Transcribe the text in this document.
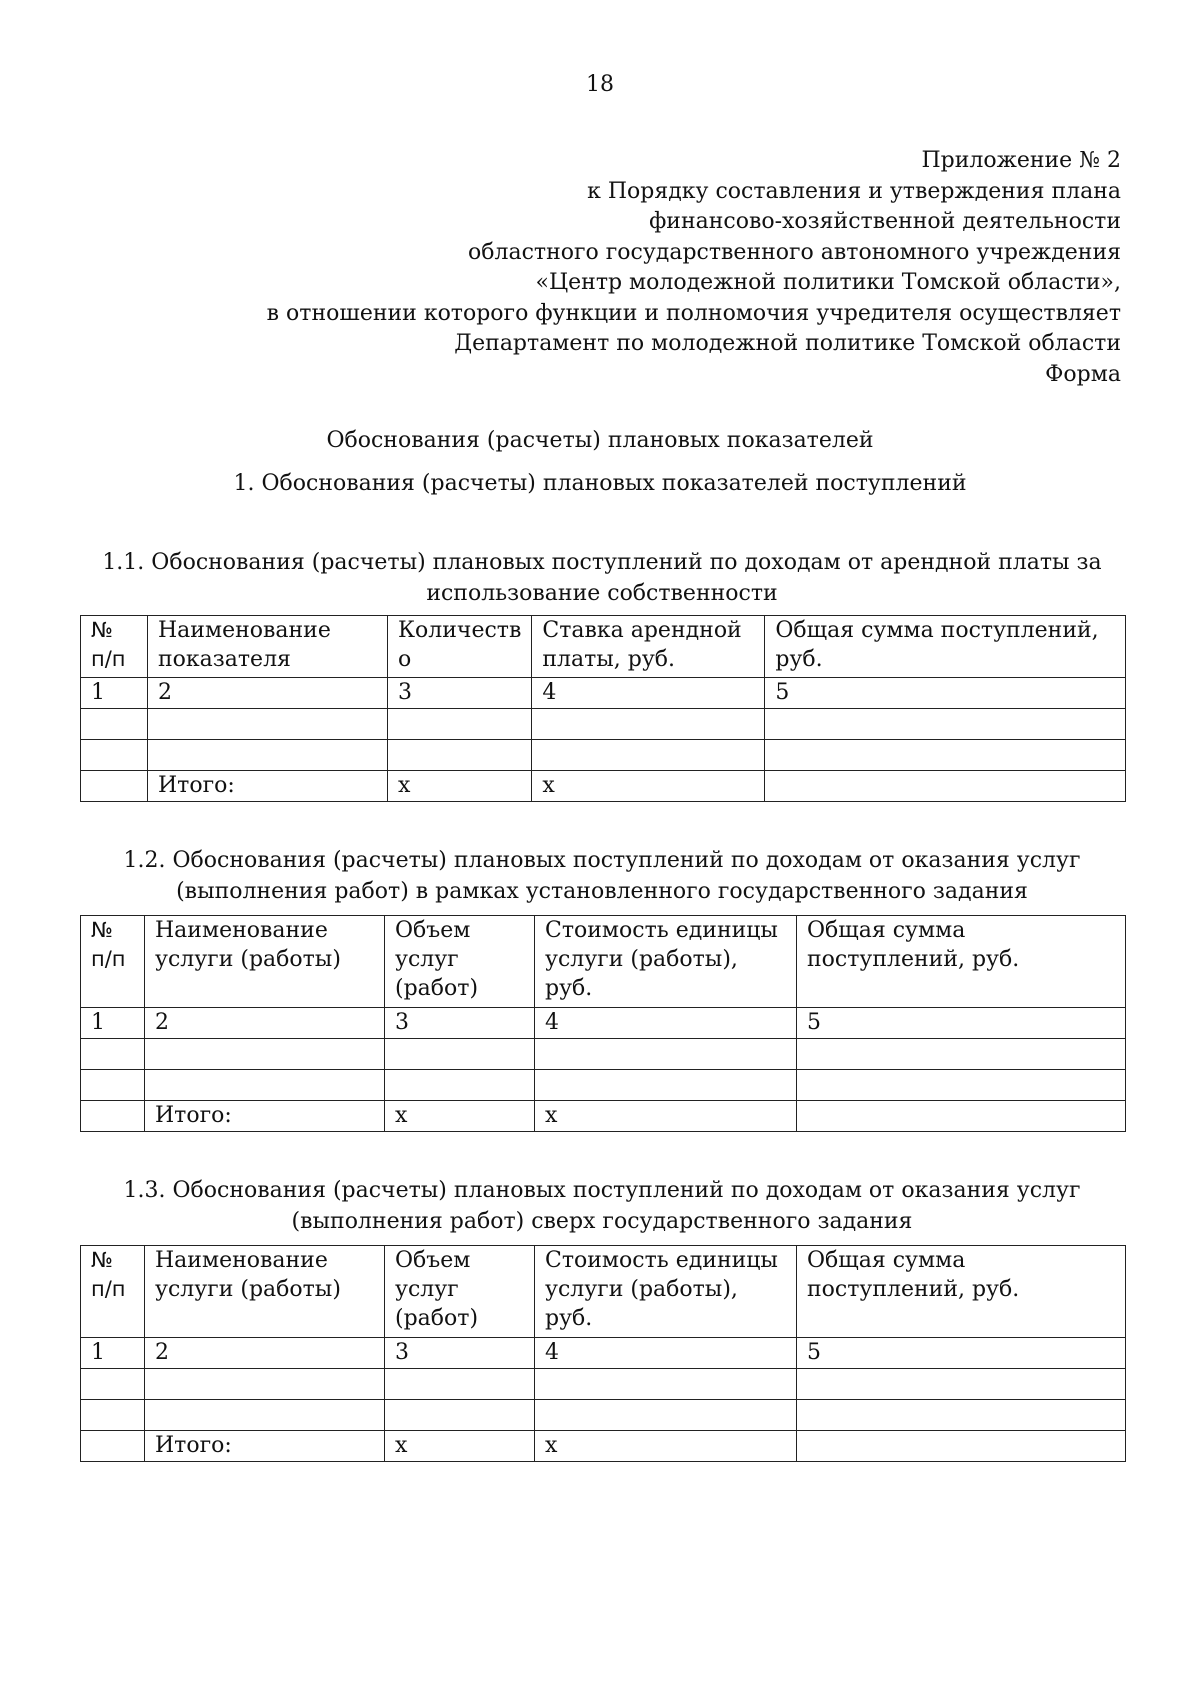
18
Приложение № 2
к Порядку составления и утверждения плана
финансово-хозяйственной деятельности
областного государственного автономного учреждения
«Центр молодежной политики Томской области»,
в отношении которого функции и полномочия учредителя осуществляет
Департамент по молодежной политике Томской области
Форма
Обоснования (расчеты) плановых показателей
1. Обоснования (расчеты) плановых показателей поступлений
1.1. Обоснования (расчеты) плановых поступлений по доходам от арендной платы за
использование собственности
№ п/п	Наименование показателя	Количеств о	Ставка арендной платы, руб.	Общая сумма поступлений, руб.
1	2	3	4	5

	Итого:	х	х	
1.2. Обоснования (расчеты) плановых поступлений по доходам от оказания услуг
(выполнения работ) в рамках установленного государственного задания
№ п/п	Наименование услуги (работы)	Объем услуг (работ)	Стоимость единицы услуги (работы), руб.	Общая сумма поступлений, руб.
1	2	3	4	5

	Итого:	х	х	
1.3. Обоснования (расчеты) плановых поступлений по доходам от оказания услуг
(выполнения работ) сверх государственного задания
№ п/п	Наименование услуги (работы)	Объем услуг (работ)	Стоимость единицы услуги (работы), руб.	Общая сумма поступлений, руб.
1	2	3	4	5

	Итого:	х	х	
